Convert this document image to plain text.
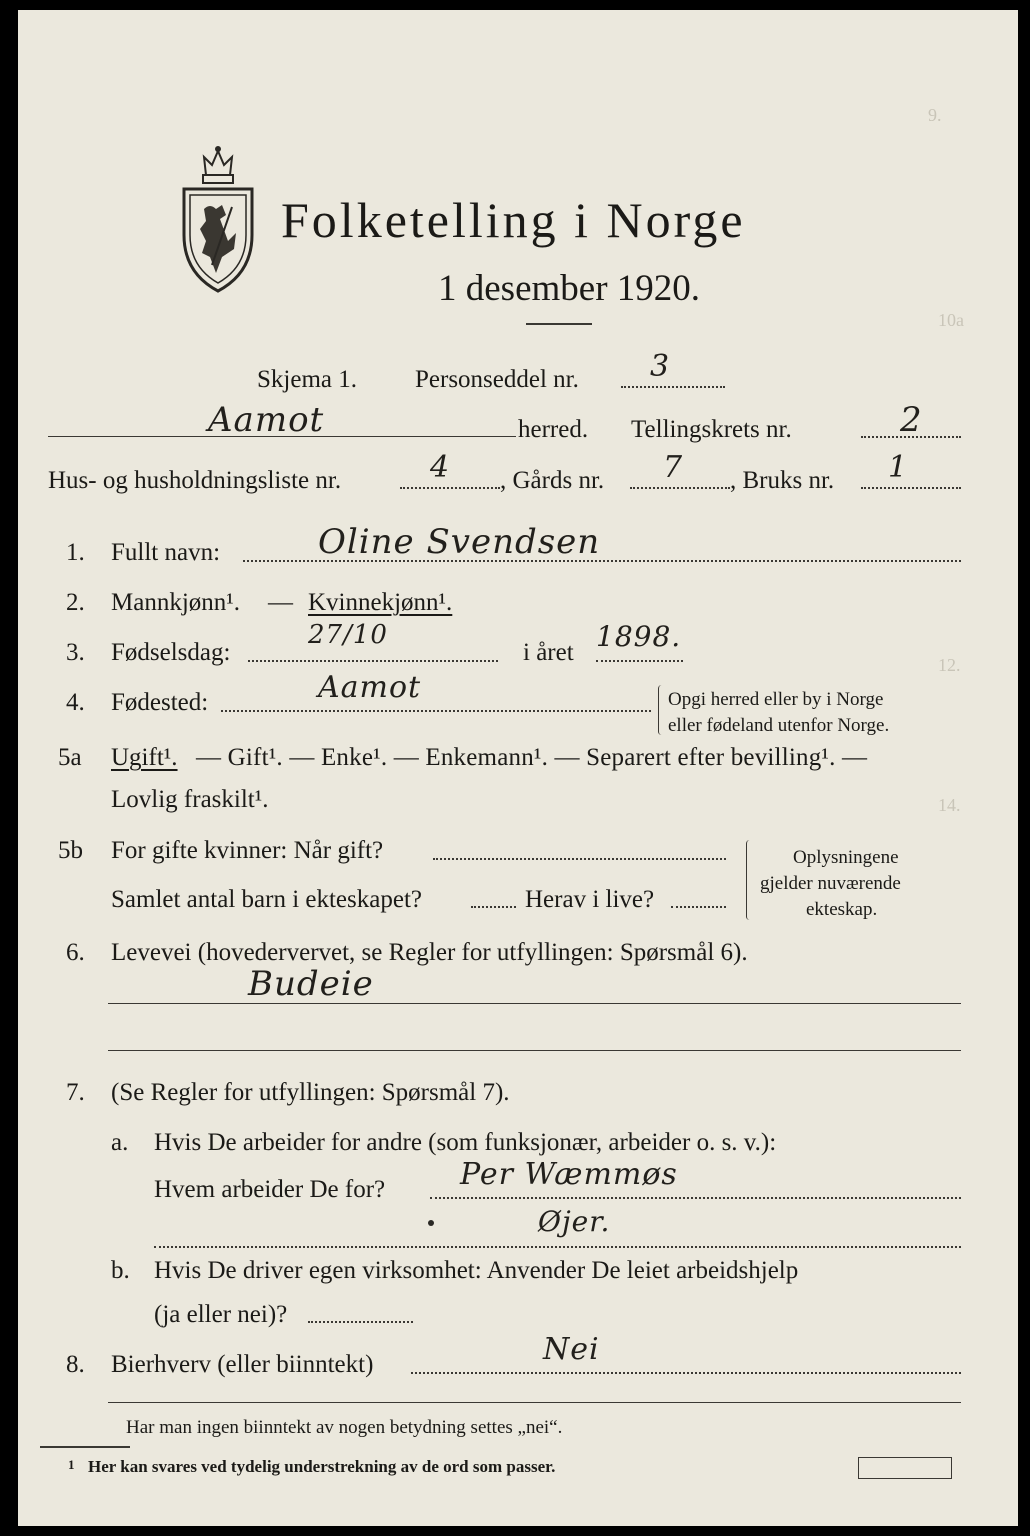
9.
10a
12.
14.
Folketelling i Norge
1 desember 1920.
Skjema 1. Personseddel nr. 3
Aamot	herred. Tellingskrets nr.	2
Hus- og husholdningsliste nr.	4 , Gårds nr. 7 , Bruks nr. 1
1. Fullt navn:	Oline Svendsen
2. Mannkjønn¹. — Kvinnekjønn¹.
3. Fødselsdag:
27/10
i året 1898.
4. Fødested:	Aamot	Opgi herred eller by i Norge
eller fødeland utenfor Norge.
5a Ugift¹. — Gift¹. — Enke¹. — Enkemann¹. — Separert efter bevilling¹. —
Lovlig fraskilt¹.
5b For gifte kvinner: Når gift?
Samlet antal barn i ekteskapet?	Herav i live?
Oplysningene
gjelder nuværende
ekteskap.
6. Levevei (hovedervervet, se Regler for utfyllingen: Spørsmål 6).
Budeie
7. (Se Regler for utfyllingen: Spørsmål 7).
a. Hvis De arbeider for andre (som funksjonær, arbeider o. s. v.):
Hvem arbeider De for? Per Wæmmøs
Øjer.
b. Hvis De driver egen virksomhet: Anvender De leiet arbeidshjelp
(ja eller nei)?
8. Bierhverv (eller biinntekt)	Nei
Har man ingen biinntekt av nogen betydning settes „nei“.
1 Her kan svares ved tydelig understrekning av de ord som passer.
